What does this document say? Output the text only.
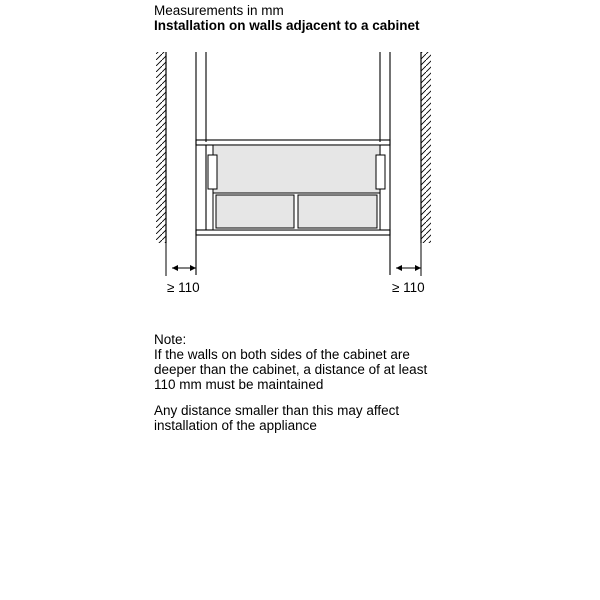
Measurements in mm
Installation on walls adjacent to a cabinet
≥ 110	≥ 110
Note:
If the walls on both sides of the cabinet are
deeper than the cabinet, a distance of at least
110 mm must be maintained
Any distance smaller than this may affect
installation of the appliance
